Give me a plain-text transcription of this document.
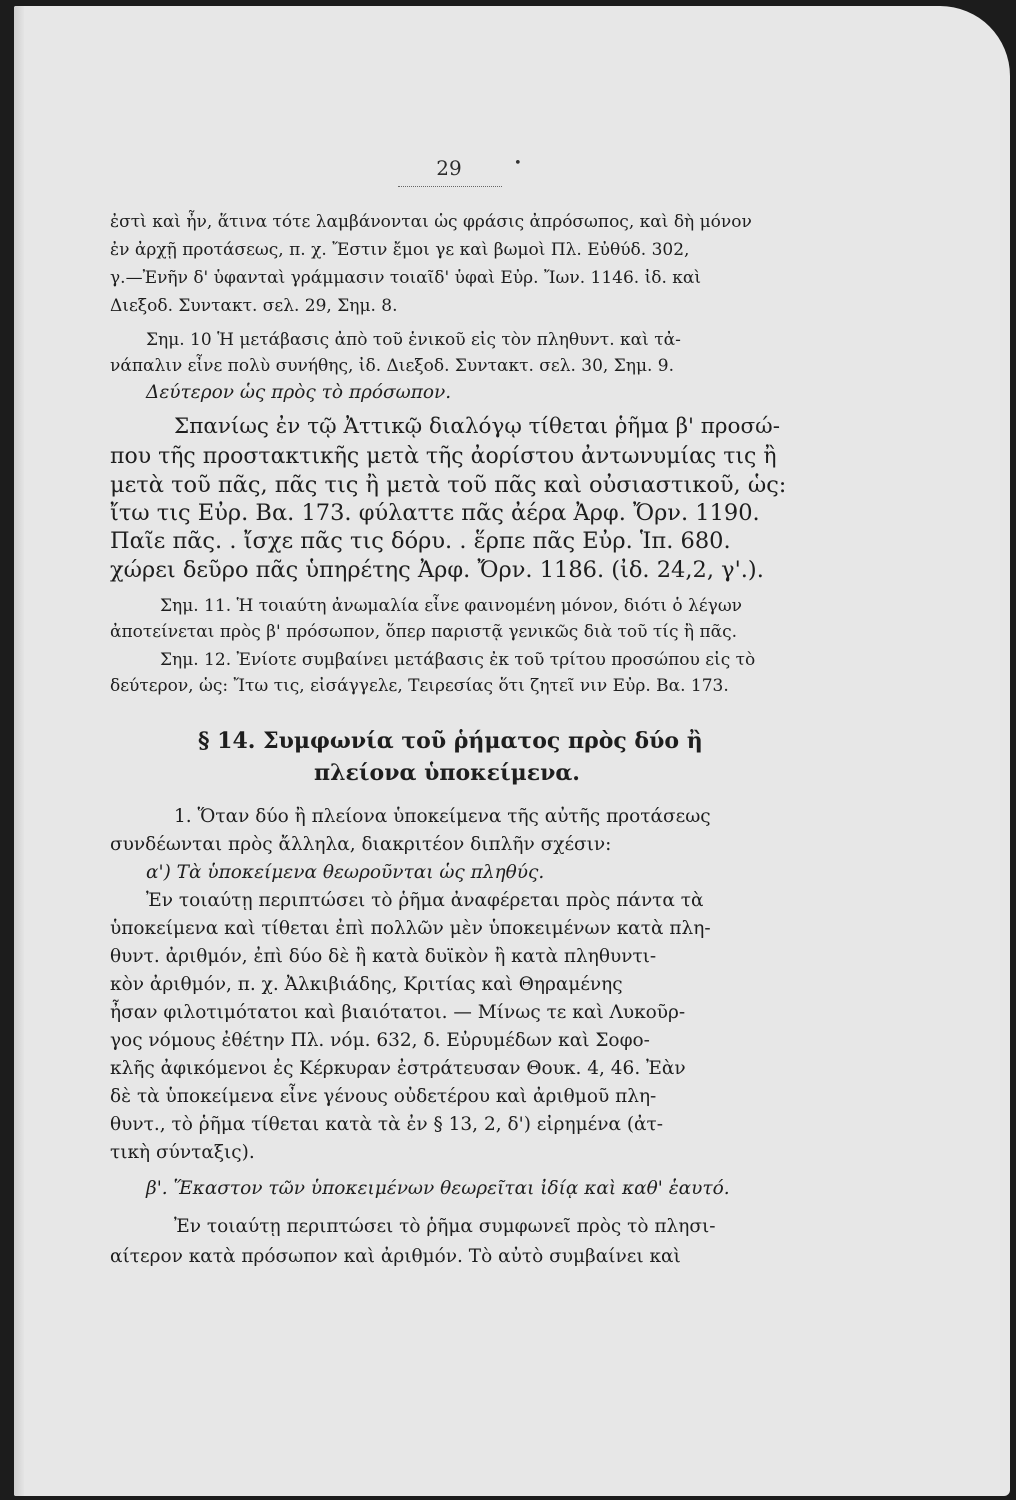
29	•

ἐστὶ καὶ ἦν, ἅτινα τότε λαμβάνονται ὡς φράσις ἀπρόσωπος, καὶ δὴ μόνον

ἐν ἀρχῇ προτάσεως, π. χ. Ἔστιν ἔμοι γε καὶ βωμοὶ Πλ. Εὐθύδ. 302,

γ.—Ἐνῆν δ' ὑφανταὶ γράμμασιν τοιαῖδ' ὑφαὶ Εὐρ. Ἴων. 1146. ἰδ. καὶ

Διεξοδ. Συντακτ. σελ. 29, Σημ. 8.

Σημ. 10 Ἡ μετάβασις ἀπὸ τοῦ ἑνικοῦ εἰς τὸν πληθυντ. καὶ τἀ-

νάπαλιν εἶνε πολὺ συνήθης, ἰδ. Διεξοδ. Συντακτ. σελ. 30, Σημ. 9.

Δεύτερον ὡς πρὸς τὸ πρόσωπον.

Σπανίως ἐν τῷ Ἀττικῷ διαλόγῳ τίθεται ῥῆμα β' προσώ-

που τῆς προστακτικῆς μετὰ τῆς ἀορίστου ἀντωνυμίας τις ἢ

μετὰ τοῦ πᾶς, πᾶς τις ἢ μετὰ τοῦ πᾶς καὶ οὐσιαστικοῦ, ὡς:

ἴτω τις Εὐρ. Βα. 173. φύλαττε πᾶς ἀέρα Ἀρφ. Ὄρν. 1190.

Παῖε πᾶς. . ἴσχε πᾶς τις δόρυ. . ἕρπε πᾶς Εὐρ. Ἱπ. 680.

χώρει δεῦρο πᾶς ὑπηρέτης Ἀρφ. Ὄρν. 1186. (ἰδ. 24,2, γ'.).

Σημ. 11. Ἡ τοιαύτη ἀνωμαλία εἶνε φαινομένη μόνον, διότι ὁ λέγων

ἀποτείνεται πρὸς β' πρόσωπον, ὅπερ παριστᾷ γενικῶς διὰ τοῦ τίς ἢ πᾶς.

Σημ. 12. Ἐνίοτε συμβαίνει μετάβασις ἐκ τοῦ τρίτου προσώπου εἰς τὸ

δεύτερον, ὡς: Ἴτω τις, εἰσάγγελε, Τειρεσίας ὅτι ζητεῖ νιν Εὐρ. Βα. 173.

§ 14. Συμφωνία τοῦ ῥήματος πρὸς δύο ἢ

πλείονα ὑποκείμενα.

1. Ὅταν δύο ἢ πλείονα ὑποκείμενα τῆς αὐτῆς προτάσεως

συνδέωνται πρὸς ἄλληλα, διακριτέον διπλῆν σχέσιν:

α') Τὰ ὑποκείμενα θεωροῦνται ὡς πληθύς.

Ἐν τοιαύτῃ περιπτώσει τὸ ῥῆμα ἀναφέρεται πρὸς πάντα τὰ

ὑποκείμενα καὶ τίθεται ἐπὶ πολλῶν μὲν ὑποκειμένων κατὰ πλη-

θυντ. ἀριθμόν, ἐπὶ δύο δὲ ἢ κατὰ δυϊκὸν ἢ κατὰ πληθυντι-

κὸν ἀριθμόν, π. χ. Ἀλκιβιάδης, Κριτίας καὶ Θηραμένης

ἦσαν φιλοτιμότατοι καὶ βιαιότατοι. — Μίνως τε καὶ Λυκοῦρ-

γος νόμους ἐθέτην Πλ. νόμ. 632, δ. Εὐρυμέδων καὶ Σοφο-

κλῆς ἀφικόμενοι ἐς Κέρκυραν ἐστράτευσαν Θουκ. 4, 46. Ἐὰν

δὲ τὰ ὑποκείμενα εἶνε γένους οὐδετέρου καὶ ἀριθμοῦ πλη-

θυντ., τὸ ῥῆμα τίθεται κατὰ τὰ ἐν § 13, 2, δ') εἰρημένα (ἀτ-

τικὴ σύνταξις).

β'. Ἕκαστον τῶν ὑποκειμένων θεωρεῖται ἰδίᾳ καὶ καθ' ἑαυτό.

Ἐν τοιαύτῃ περιπτώσει τὸ ῥῆμα συμφωνεῖ πρὸς τὸ πλησι-

αίτερον κατὰ πρόσωπον καὶ ἀριθμόν. Τὸ αὐτὸ συμβαίνει καὶ
